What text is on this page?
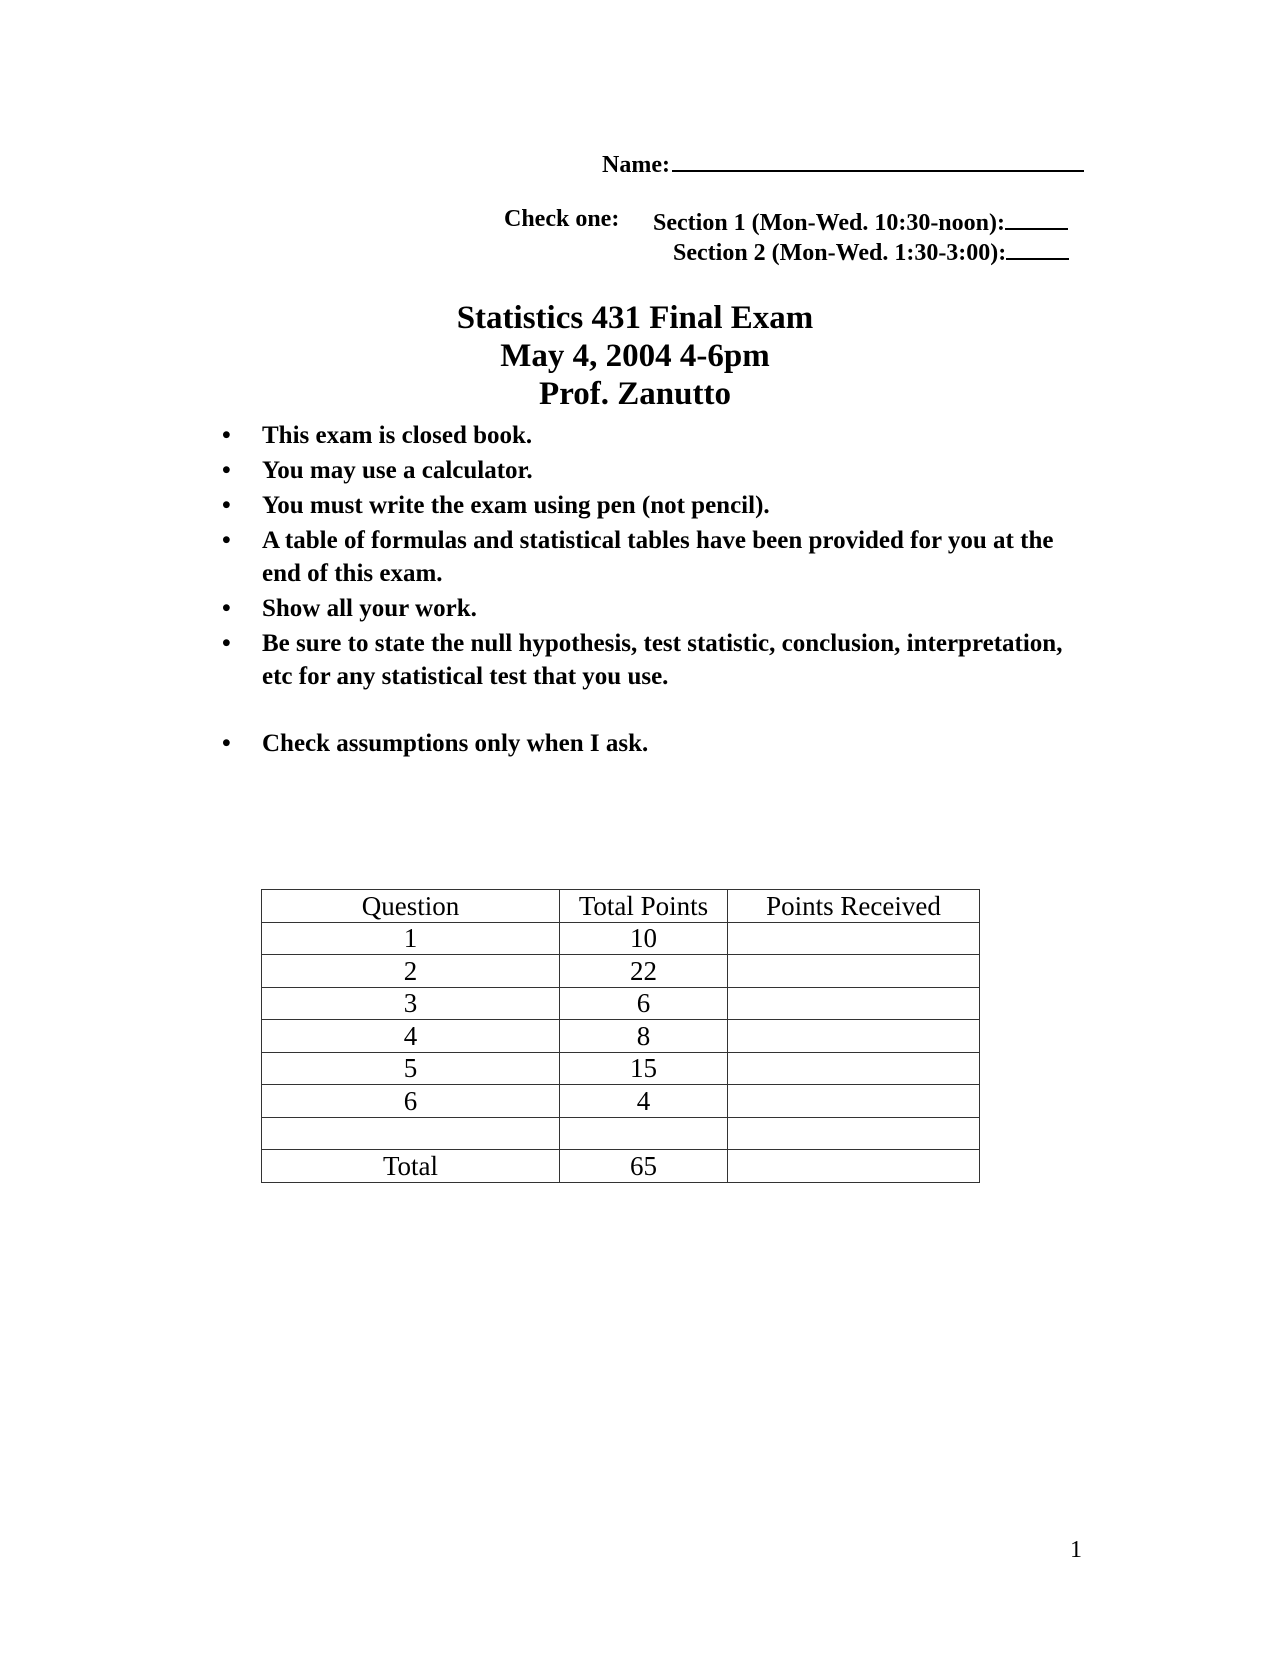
Name:
Check one: Section 1 (Mon-Wed. 10:30-noon):
Section 2 (Mon-Wed. 1:30-3:00):
Statistics 431 Final Exam
May 4, 2004 4-6pm
Prof. Zanutto
• This exam is closed book.
• You may use a calculator.
• You must write the exam using pen (not pencil).
• A table of formulas and statistical tables have been provided for you at the end of this exam.
• Show all your work.
• Be sure to state the null hypothesis, test statistic, conclusion, interpretation, etc for any statistical test that you use.
• Check assumptions only when I ask.
Question	Total Points	Points Received
1	10	
2	22	
3	6	
4	8	
5	15	
6	4	

Total	65	
1
